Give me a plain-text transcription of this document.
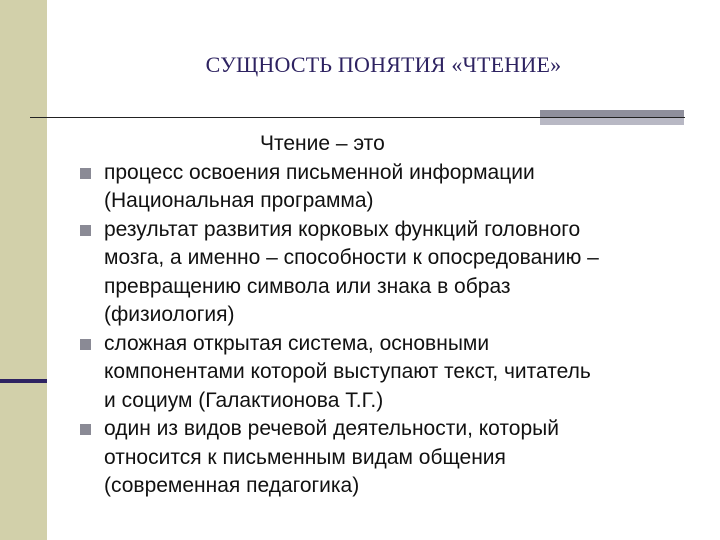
СУЩНОСТЬ ПОНЯТИЯ «ЧТЕНИЕ»
Чтение – это
процесс освоения письменной информации
(Национальная программа)
результат развития корковых функций головного
мозга, а именно – способности к опосредованию –
превращению символа или знака в образ
(физиология)
сложная открытая система, основными
компонентами которой выступают текст, читатель
и социум (Галактионова Т.Г.)
один из видов речевой деятельности, который
относится к письменным видам общения
(современная педагогика)
